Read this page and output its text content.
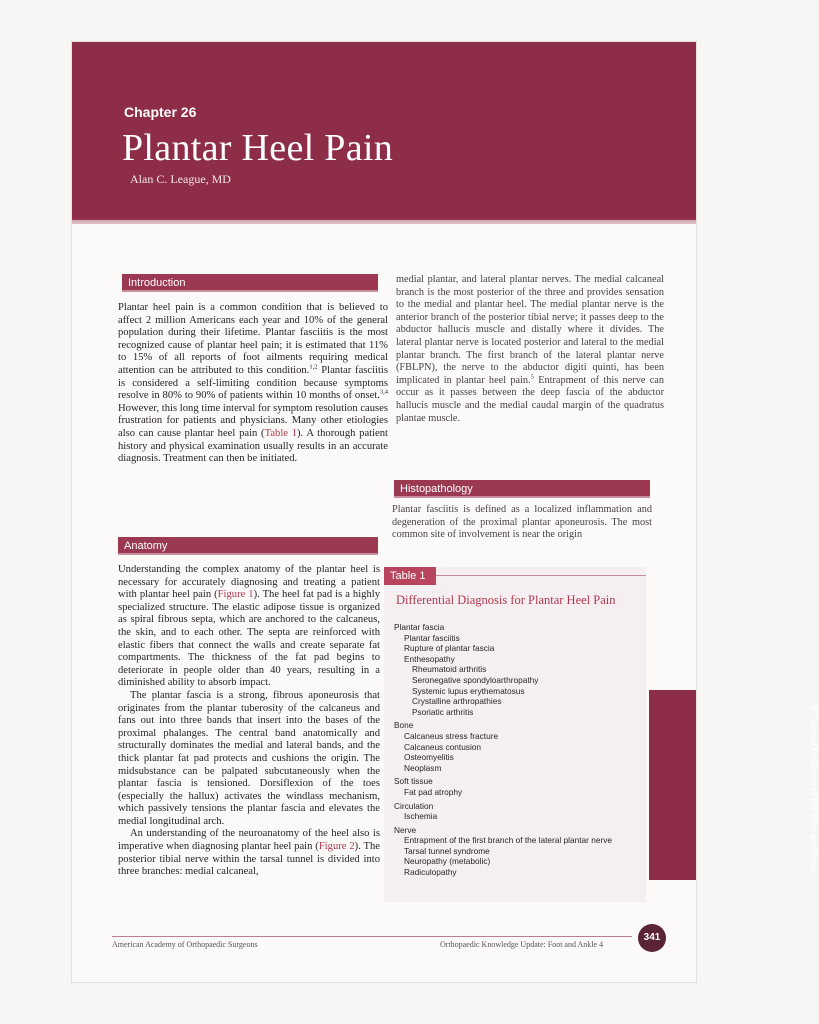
Chapter 26
Plantar Heel Pain
Alan C. League, MD
Introduction

Plantar heel pain is a common condition that is believed to affect 2 million Americans each year and 10% of the general population during their lifetime. Plantar fasciitis is the most recognized cause of plantar heel pain; it is estimated that 11% to 15% of all reports of foot ailments requiring medical attention can be attributed to this condition.$^{1,2}$ Plantar fasciitis is considered a self-limiting condition because symptoms resolve in 80% to 90% of patients within 10 months of onset.$^{3,4}$ However, this long time interval for symptom resolution causes frustration for patients and physicians. Many other etiologies also can cause plantar heel pain (Table 1). A thorough patient history and physical examination usually results in an accurate diagnosis. Treatment can then be initiated.

Anatomy

Understanding the complex anatomy of the plantar heel is necessary for accurately diagnosing and treating a patient with plantar heel pain (Figure 1). The heel fat pad is a highly specialized structure. The elastic adipose tissue is organized as spiral fibrous septa, which are anchored to the calcaneus, the skin, and to each other. The septa are reinforced with elastic fibers that connect the walls and create separate fat compartments. The thickness of the fat pad begins to deteriorate in people older than 40 years, resulting in a diminished ability to absorb impact.

The plantar fascia is a strong, fibrous aponeurosis that originates from the plantar tuberosity of the calcaneus and fans out into three bands that insert into the bases of the proximal phalanges. The central band anatomically and structurally dominates the medial and lateral bands, and the thick plantar fat pad protects and cushions the origin. The midsubstance can be palpated subcutaneously when the plantar fascia is tensioned. Dorsiflexion of the toes (especially the hallux) activates the windlass mechanism, which passively tensions the plantar fascia and elevates the medial longitudinal arch.

An understanding of the neuroanatomy of the heel also is imperative when diagnosing plantar heel pain (Figure 2). The posterior tibial nerve within the tarsal tunnel is divided into three branches: medial calcaneal,

medial plantar, and lateral plantar nerves. The medial calcaneal branch is the most posterior of the three and provides sensation to the medial and plantar heel. The medial plantar nerve is the anterior branch of the posterior tibial nerve; it passes deep to the abductor hallucis muscle and distally where it divides. The lateral plantar nerve is located posterior and lateral to the medial plantar branch. The first branch of the lateral plantar nerve (FBLPN), the nerve to the abductor digiti quinti, has been implicated in plantar heel pain.$^5$ Entrapment of this nerve can occur as it passes between the deep fascia of the abductor hallucis muscle and the medial caudal margin of the quadratus plantae muscle.

Histopathology

Plantar fasciitis is defined as a localized inflammation and degeneration of the proximal plantar aponeurosis. The most common site of involvement is near the origin

Table 1
Differential Diagnosis for Plantar Heel Pain
Plantar fascia
Plantar fasciitis
Rupture of plantar fascia
Enthesopathy
Rheumatoid arthritis
Seronegative spondyloarthropathy
Systemic lupus erythematosus
Crystalline arthropathies
Psoriatic arthritis
Bone
Calcaneus stress fracture
Calcaneus contusion
Osteomyelitis
Neoplasm
Soft tissue
Fat pad atrophy
Circulation
Ischemia
Nerve
Entrapment of the first branch of the lateral plantar nerve
Tarsal tunnel syndrome
Neuropathy (metabolic)
Radiculopathy	6: Special Problems of the Foot and Ankle
American Academy of Orthopaedic Surgeons	Orthopaedic Knowledge Update: Foot and Ankle 4
341
